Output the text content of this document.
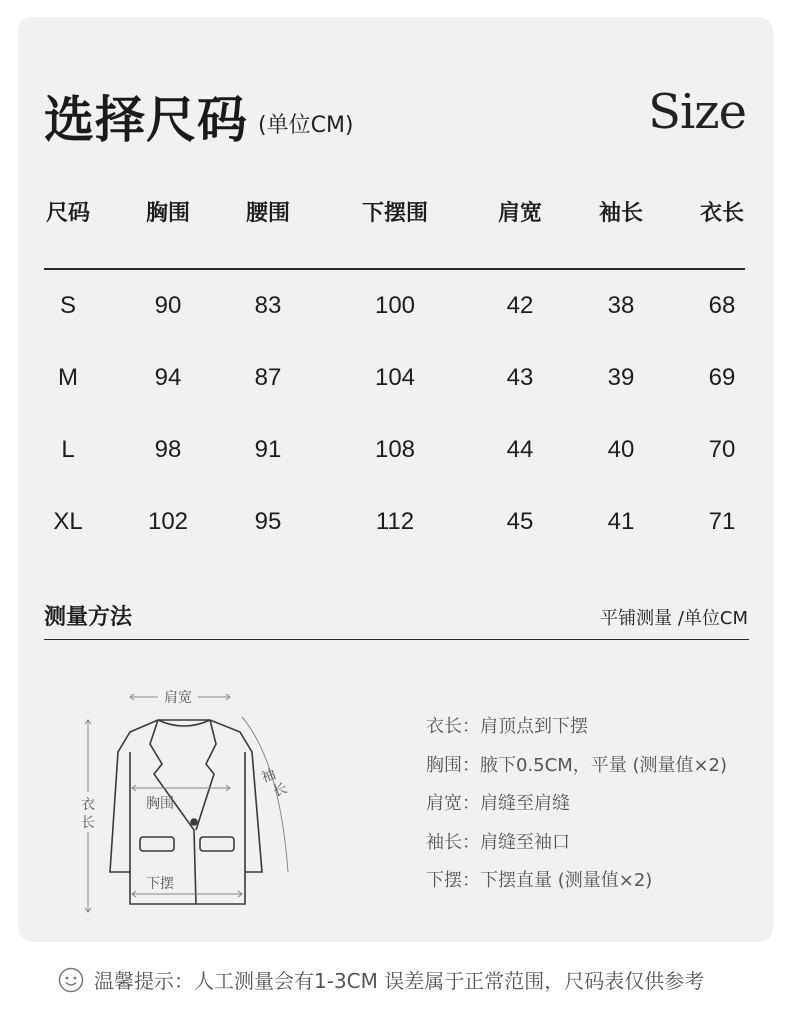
选择尺码 (单位CM)	Size
尺码	胸围	腰围	下摆围	肩宽	袖长	衣长
S	90	83	100	42	38	68
M	94	87	104	43	39	69
L	98	91	108	44	40	70
XL	102	95	112	45	41	71
测量方法	平铺测量 /单位CM
肩宽
衣长
袖长
胸围
下摆
衣长：肩顶点到下摆
胸围：腋下0.5CM，平量 (测量值×2)
肩宽：肩缝至肩缝
袖长：肩缝至袖口
下摆：下摆直量 (测量值×2)
温馨提示：人工测量会有1-3CM 误差属于正常范围，尺码表仅供参考
